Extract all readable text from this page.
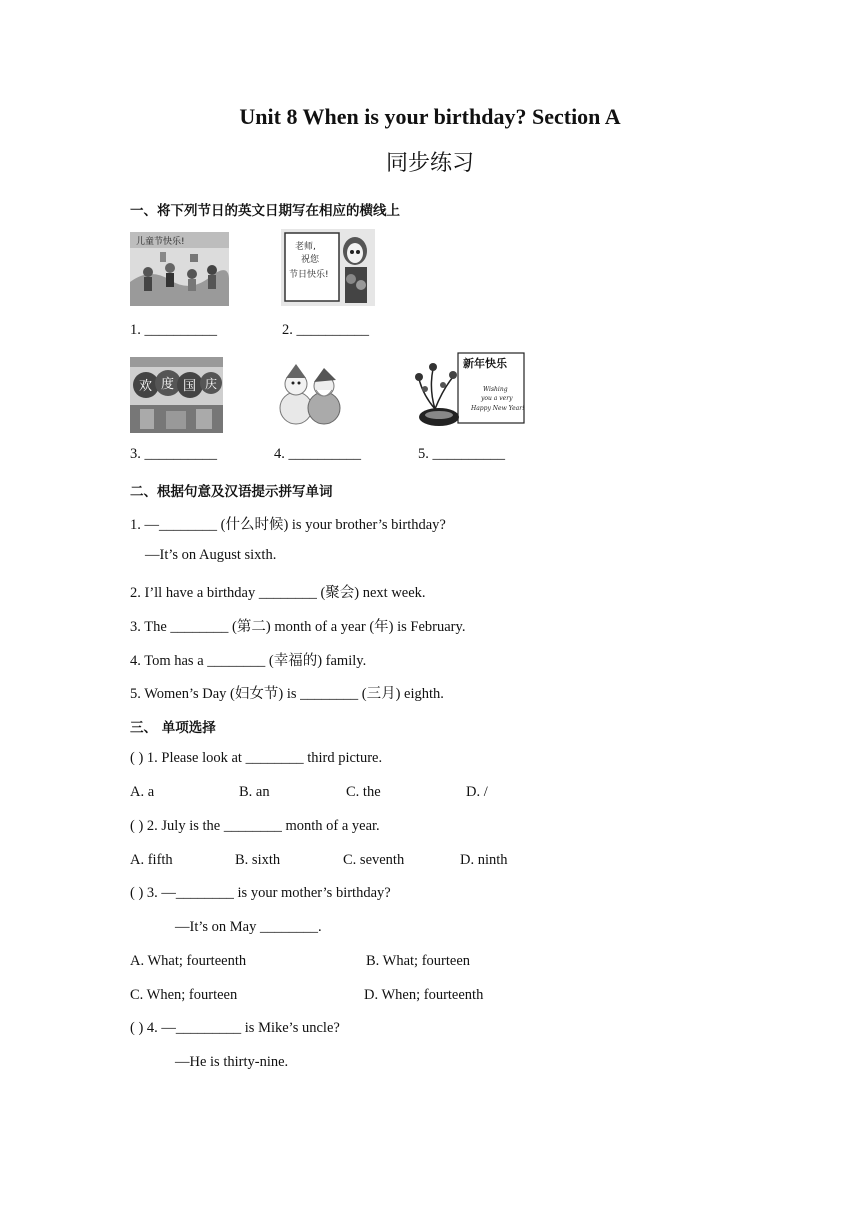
Unit 8 When is your birthday? Section A
同步练习
一、将下列节日的英文日期写在相应的横线上
儿童节快乐!	老师,
祝您
节日快乐!
1. __________	2. __________
欢 度 国 庆
新年快乐
Wishing
you a very
Happy New Year!
3. __________	4. __________	5. __________
二、根据句意及汉语提示拼写单词
1. —________ (什么时候) is your brother’s birthday?
—It’s on August sixth.
2. I’ll have a birthday ________ (聚会) next week.
3. The ________ (第二) month of a year (年) is February.
4. Tom has a ________ (幸福的) family.
5. Women’s Day (妇女节) is ________ (三月) eighth.
三、 单项选择
( ) 1. Please look at ________ third picture.
A. a	B. an	C. the	D. /
( ) 2. July is the ________ month of a year.
A. fifth	B. sixth	C. seventh	D. ninth
( ) 3. —________ is your mother’s birthday?
—It’s on May ________.
A. What; fourteenth	B. What; fourteen
C. When; fourteen	D. When; fourteenth
( ) 4. —_________ is Mike’s uncle?
—He is thirty-nine.
